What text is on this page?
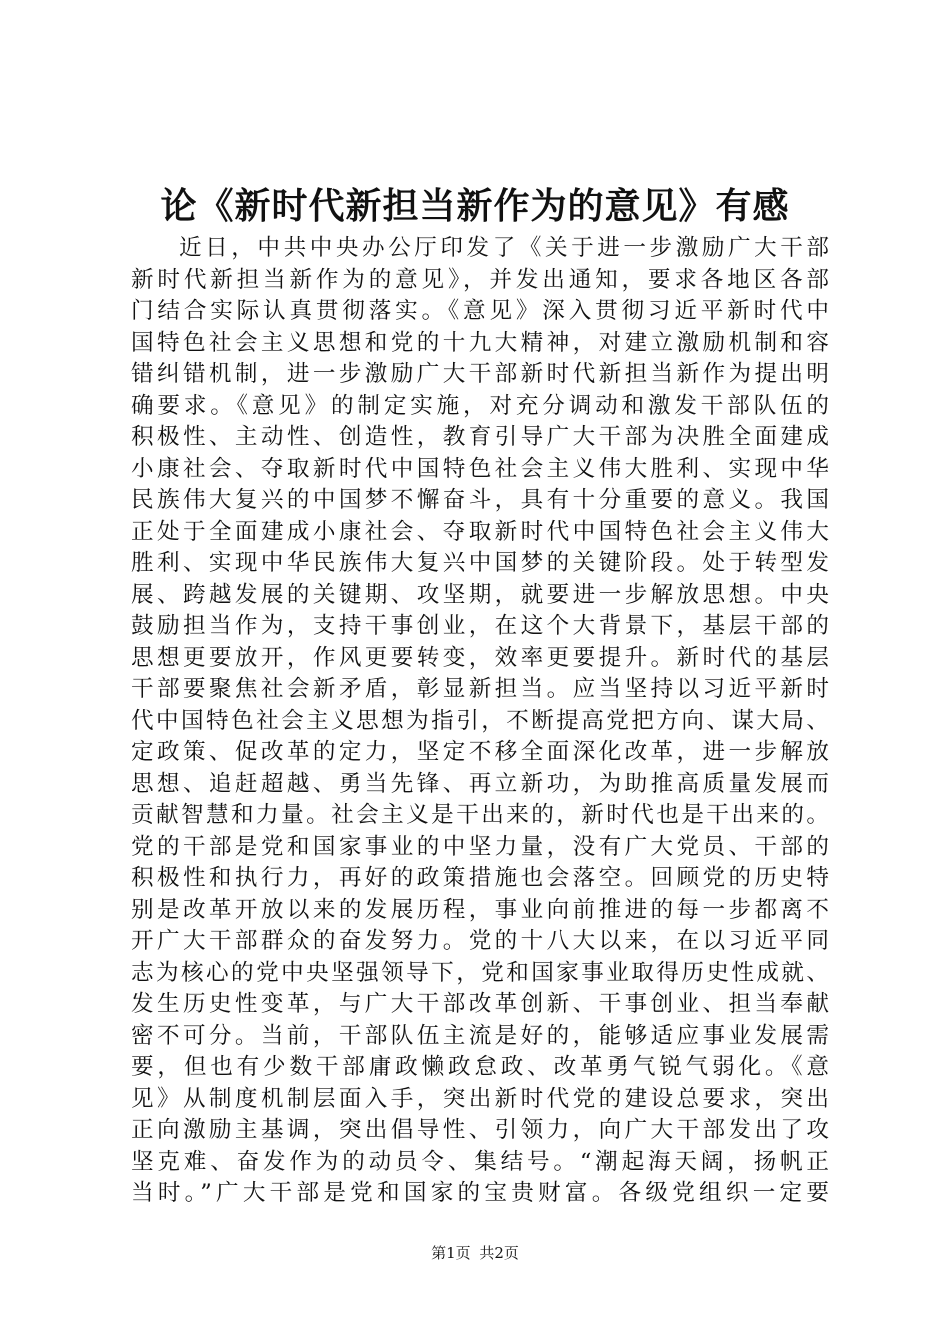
论《新时代新担当新作为的意见》有感
近日，中共中央办公厅印发了《关于进一步激励广大干部
新时代新担当新作为的意见》，并发出通知，要求各地区各部
门结合实际认真贯彻落实。《意见》深入贯彻习近平新时代中
国特色社会主义思想和党的十九大精神，对建立激励机制和容
错纠错机制，进一步激励广大干部新时代新担当新作为提出明
确要求。《意见》的制定实施，对充分调动和激发干部队伍的
积极性、主动性、创造性，教育引导广大干部为决胜全面建成
小康社会、夺取新时代中国特色社会主义伟大胜利、实现中华
民族伟大复兴的中国梦不懈奋斗，具有十分重要的意义。我国
正处于全面建成小康社会、夺取新时代中国特色社会主义伟大
胜利、实现中华民族伟大复兴中国梦的关键阶段。处于转型发
展、跨越发展的关键期、攻坚期，就要进一步解放思想。中央
鼓励担当作为，支持干事创业，在这个大背景下，基层干部的
思想更要放开，作风更要转变，效率更要提升。新时代的基层
干部要聚焦社会新矛盾，彰显新担当。应当坚持以习近平新时
代中国特色社会主义思想为指引，不断提高党把方向、谋大局、
定政策、促改革的定力，坚定不移全面深化改革，进一步解放
思想、追赶超越、勇当先锋、再立新功，为助推高质量发展而
贡献智慧和力量。社会主义是干出来的，新时代也是干出来的。
党的干部是党和国家事业的中坚力量，没有广大党员、干部的
积极性和执行力，再好的政策措施也会落空。回顾党的历史特
别是改革开放以来的发展历程，事业向前推进的每一步都离不
开广大干部群众的奋发努力。党的十八大以来，在以习近平同
志为核心的党中央坚强领导下，党和国家事业取得历史性成就、
发生历史性变革，与广大干部改革创新、干事创业、担当奉献
密不可分。当前，干部队伍主流是好的，能够适应事业发展需
要，但也有少数干部庸政懒政怠政、改革勇气锐气弱化。《意
见》从制度机制层面入手，突出新时代党的建设总要求，突出
正向激励主基调，突出倡导性、引领力，向广大干部发出了攻
坚克难、奋发作为的动员令、集结号。“潮起海天阔，扬帆正
当时。”广大干部是党和国家的宝贵财富。各级党组织一定要
第1页 共2页
